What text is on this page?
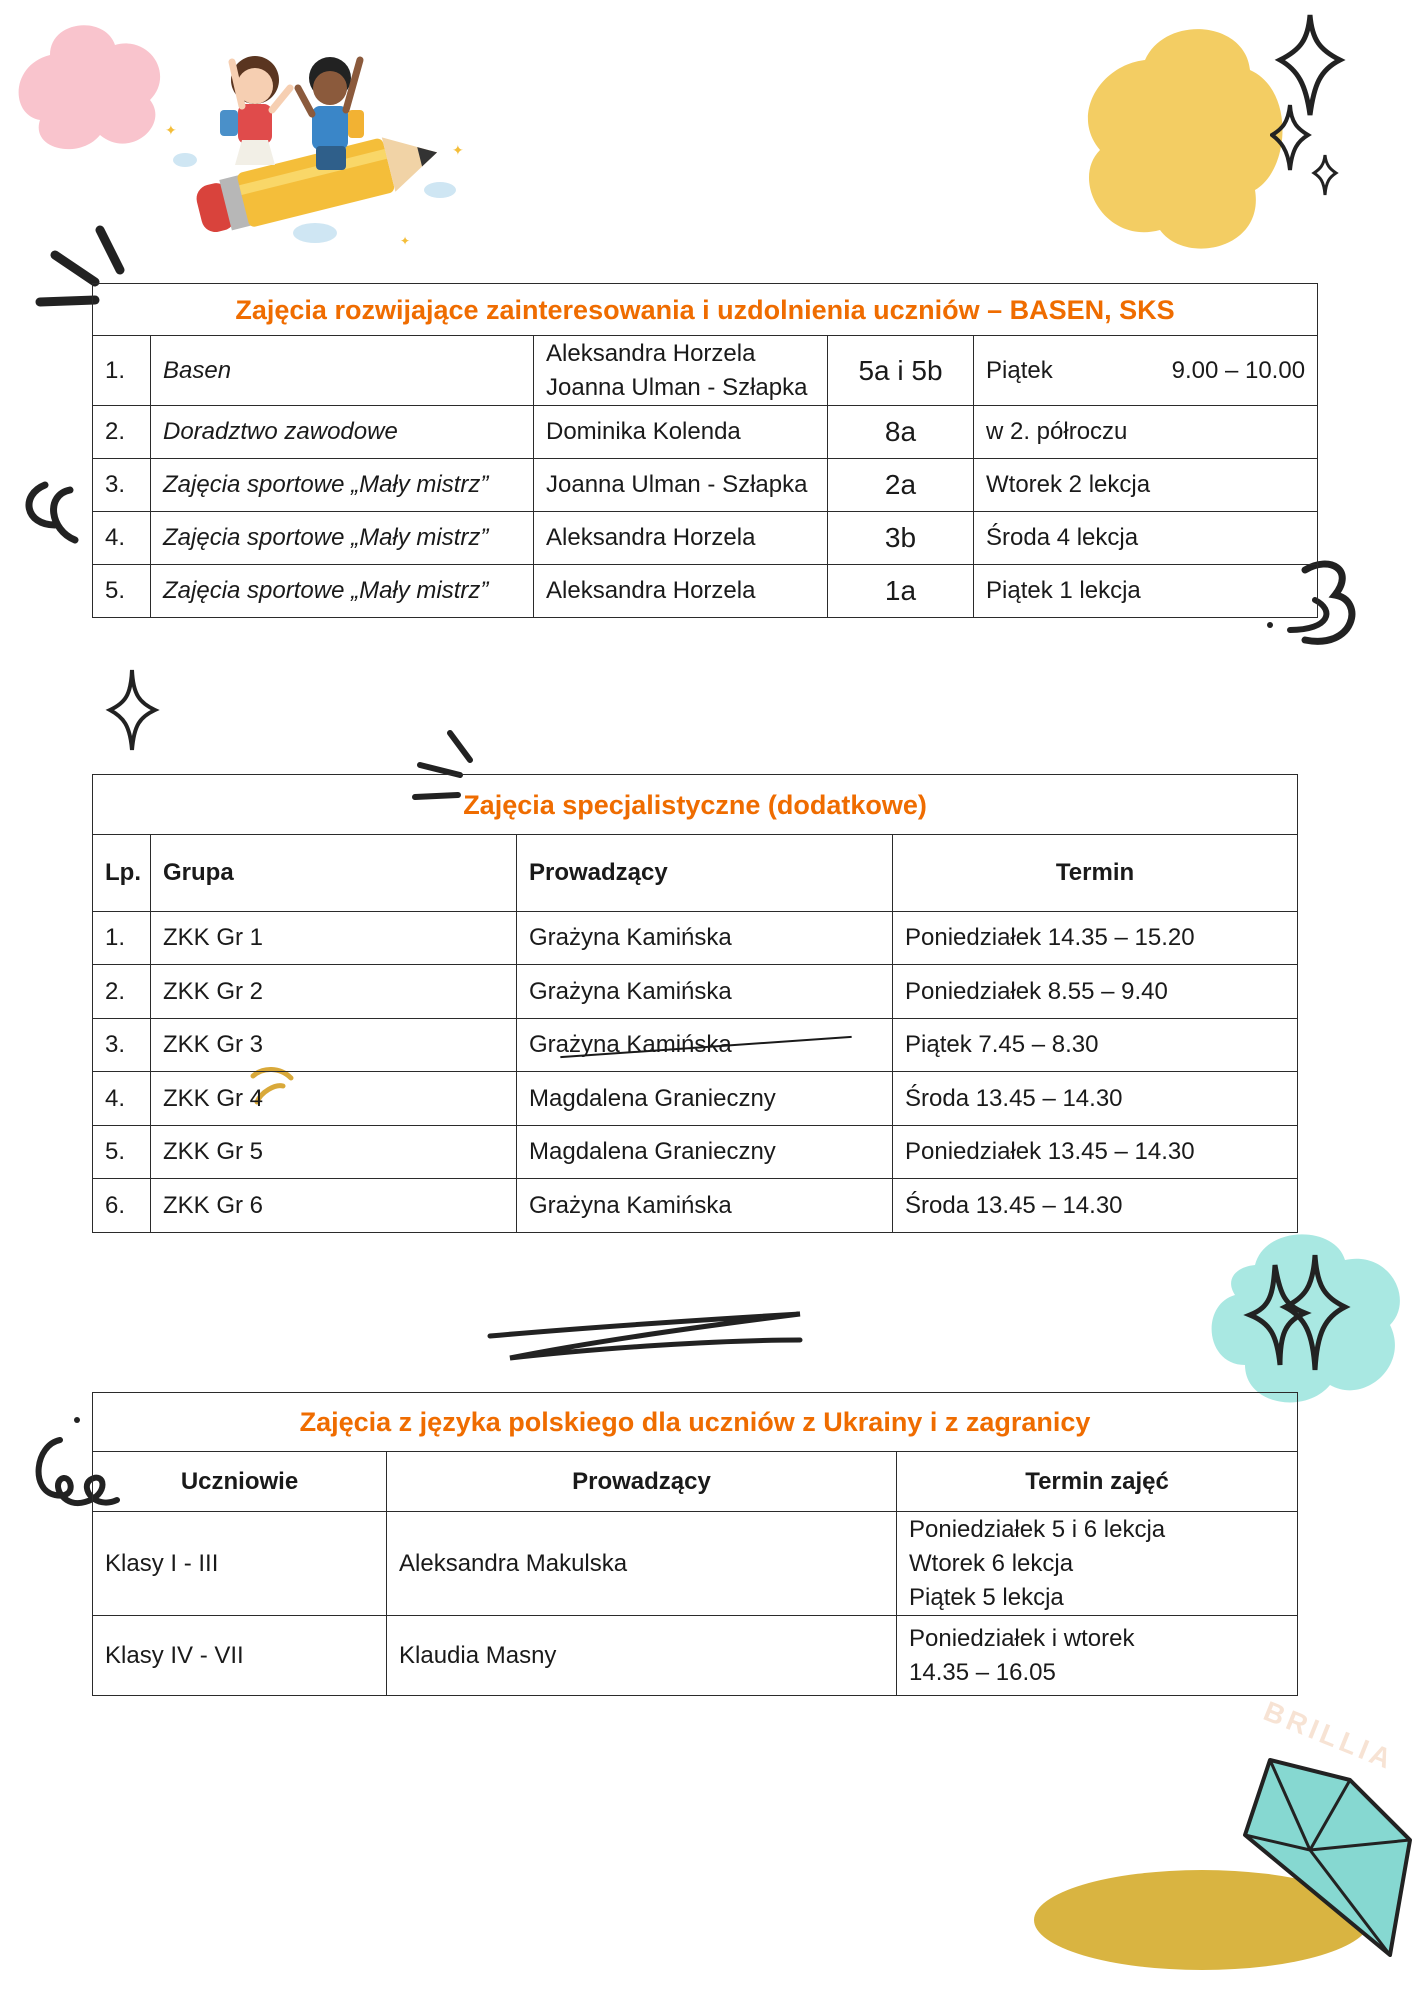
✦
✦
✦
BRILLIA
Zajęcia rozwijające zainteresowania i uzdolnienia uczniów – BASEN, SKS				
1.	Basen	Aleksandra Horzela
Joanna Ulman - Szłapka	5a i 5b	Piątek 9.00 – 10.00

2.	Doradztwo zawodowe	Dominika Kolenda	8a	w 2. półroczu
3.	Zajęcia sportowe „Mały mistrz”	Joanna Ulman - Szłapka	2a	Wtorek 2 lekcja
4.	Zajęcia sportowe „Mały mistrz”	Aleksandra Horzela	3b	Środa 4 lekcja
5.	Zajęcia sportowe „Mały mistrz”	Aleksandra Horzela	1a	Piątek 1 lekcja
Zajęcia specjalistyczne (dodatkowe)			
Lp.	Grupa	Prowadzący	Termin
1.	ZKK Gr 1	Grażyna Kamińska	Poniedziałek 14.35 – 15.20
2.	ZKK Gr 2	Grażyna Kamińska	Poniedziałek 8.55 – 9.40
3.	ZKK Gr 3	Grażyna Kamińska	Piątek 7.45 – 8.30
4.	ZKK Gr 4	Magdalena Granieczny	Środa 13.45 – 14.30
5.	ZKK Gr 5	Magdalena Granieczny	Poniedziałek 13.45 – 14.30
6.	ZKK Gr 6	Grażyna Kamińska	Środa 13.45 – 14.30
Zajęcia z języka polskiego dla uczniów z Ukrainy i z zagranicy		
Uczniowie	Prowadzący	Termin zajęć
Klasy I - III	Aleksandra Makulska	Poniedziałek 5 i 6 lekcja
Wtorek 6 lekcja
Piątek 5 lekcja

Klasy IV - VII	Klaudia Masny	Poniedziałek i wtorek
14.35 – 16.05
